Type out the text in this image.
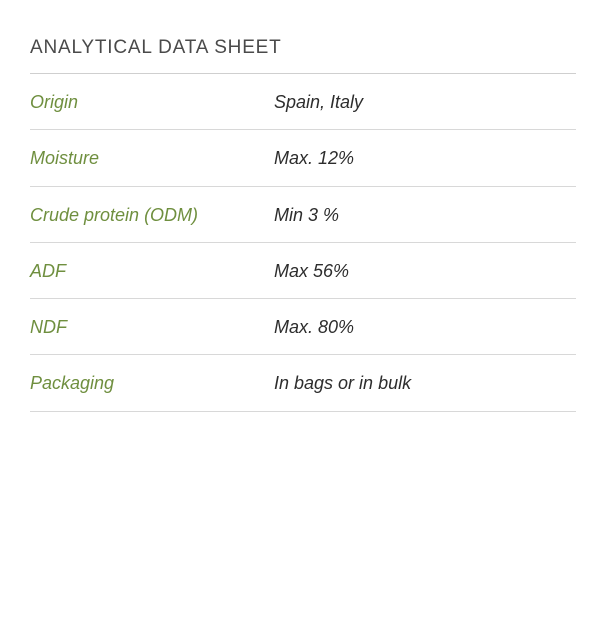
ANALYTICAL DATA SHEET
Origin	Spain, Italy
Moisture	Max. 12%
Crude protein (ODM)	Min 3 %
ADF	Max 56%
NDF	Max. 80%
Packaging	In bags or in bulk
